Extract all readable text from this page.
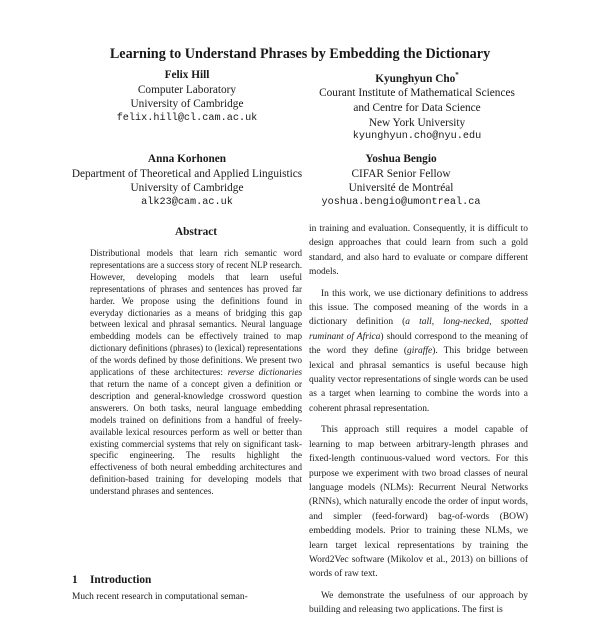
Learning to Understand Phrases by Embedding the Dictionary
Felix Hill
Computer Laboratory
University of Cambridge
felix.hill@cl.cam.ac.uk
Kyunghyun Cho*
Courant Institute of Mathematical Sciences
and Centre for Data Science
New York University
kyunghyun.cho@nyu.edu
Anna Korhonen
Department of Theoretical and Applied Linguistics
University of Cambridge
alk23@cam.ac.uk
Yoshua Bengio
CIFAR Senior Fellow
Université de Montréal
yoshua.bengio@umontreal.ca
Abstract
Distributional models that learn rich semantic word representations are a success story of recent NLP research. However, developing models that learn useful representations of phrases and sentences has proved far harder. We propose using the definitions found in everyday dictionaries as a means of bridging this gap between lexical and phrasal semantics. Neural language embedding models can be effectively trained to map dictionary definitions (phrases) to (lexical) representations of the words defined by those definitions. We present two applications of these architectures: reverse dictionaries that return the name of a concept given a definition or description and general-knowledge crossword question answerers. On both tasks, neural language embedding models trained on definitions from a handful of freely-available lexical resources perform as well or better than existing commercial systems that rely on significant task-specific engineering. The results highlight the effectiveness of both neural embedding architectures and definition-based training for developing models that understand phrases and sentences.

in training and evaluation. Consequently, it is difficult to design approaches that could learn from such a gold standard, and also hard to evaluate or compare different models.

In this work, we use dictionary definitions to address this issue. The composed meaning of the words in a dictionary definition (a tall, long-necked, spotted ruminant of Africa) should correspond to the meaning of the word they define (giraffe). This bridge between lexical and phrasal semantics is useful because high quality vector representations of single words can be used as a target when learning to combine the words into a coherent phrasal representation.

This approach still requires a model capable of learning to map between arbitrary-length phrases and fixed-length continuous-valued word vectors. For this purpose we experiment with two broad classes of neural language models (NLMs): Recurrent Neural Networks (RNNs), which naturally encode the order of input words, and simpler (feed-forward) bag-of-words (BOW) embedding models. Prior to training these NLMs, we learn target lexical representations by training the Word2Vec software (Mikolov et al., 2013) on billions of words of raw text.

We demonstrate the usefulness of our approach by building and releasing two applications. The first is

1 Introduction
Much recent research in computational seman-
